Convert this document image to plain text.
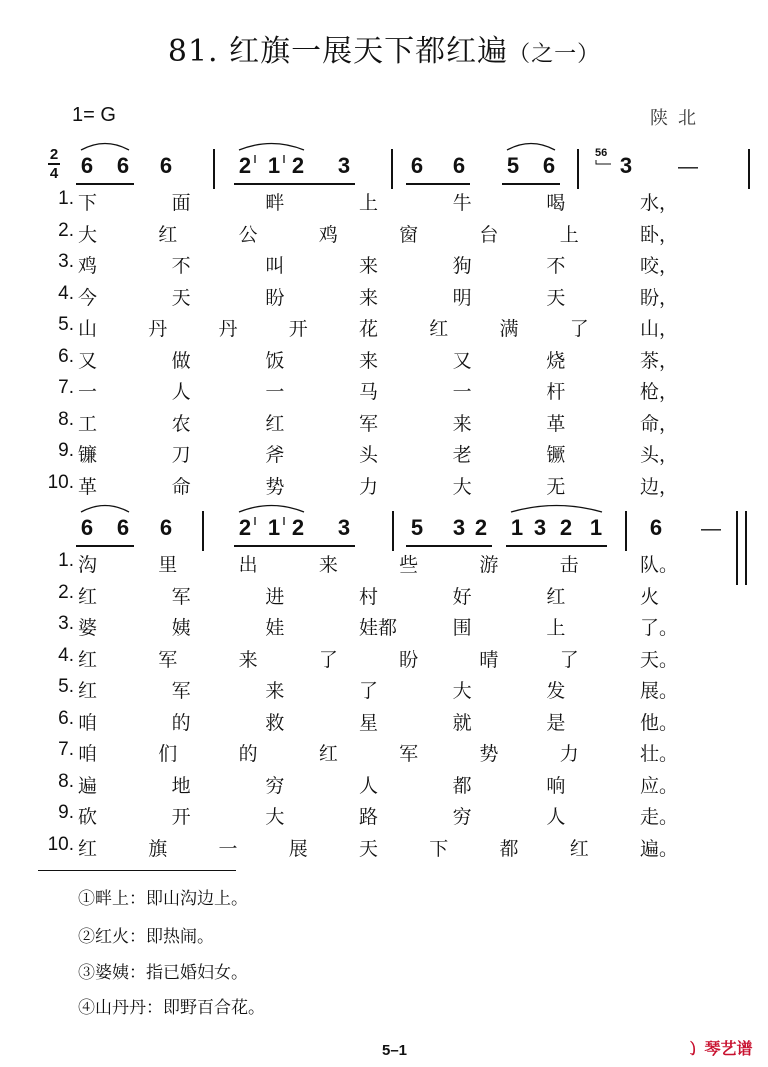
81. 红旗一展天下都红遍（之一）
1= G	陕北
2
4
56
6 6 6	2 1 2 3	6 6 5 6	3 —
1. 下	面	畔	上	牛	喝	水，
2. 大	红	公	鸡	窗	台	上	卧，
3. 鸡	不	叫	来	狗	不	咬，
4. 今	天	盼	来	明	天	盼，
5. 山	丹	丹	开	花	红	满	了	山，
6. 又	做	饭	来	又	烧	茶，
7. 一	人	一	马	一	杆	枪，
8. 工	农	红	军	来	革	命，
9. 镰	刀	斧	头	老	镢	头，
10. 革	命	势	力	大	无	边，
6 6 6	2 1 2 3	5 3 2 1 3 2 1 6 —
1. 沟	里	出	来	些	游	击	队。
2. 红	军	进	村	好	红	火
3. 婆	姨	娃	娃都	围	上	了。
4. 红	军	来	了	盼	晴	了	天。
5. 红	军	来	了	大	发	展。
6. 咱	的	救	星	就	是	他。
7. 咱	们	的	红	军	势	力	壮。
8. 遍	地	穷	人	都	响	应。
9. 砍	开	大	路	穷	人	走。
10. 红	旗	一	展	天	下	都	红	遍。
①畔上：即山沟边上。
②红火：即热闹。
③婆姨：指已婚妇女。
④山丹丹：即野百合花。
5–1	㇁ 琴艺谱
